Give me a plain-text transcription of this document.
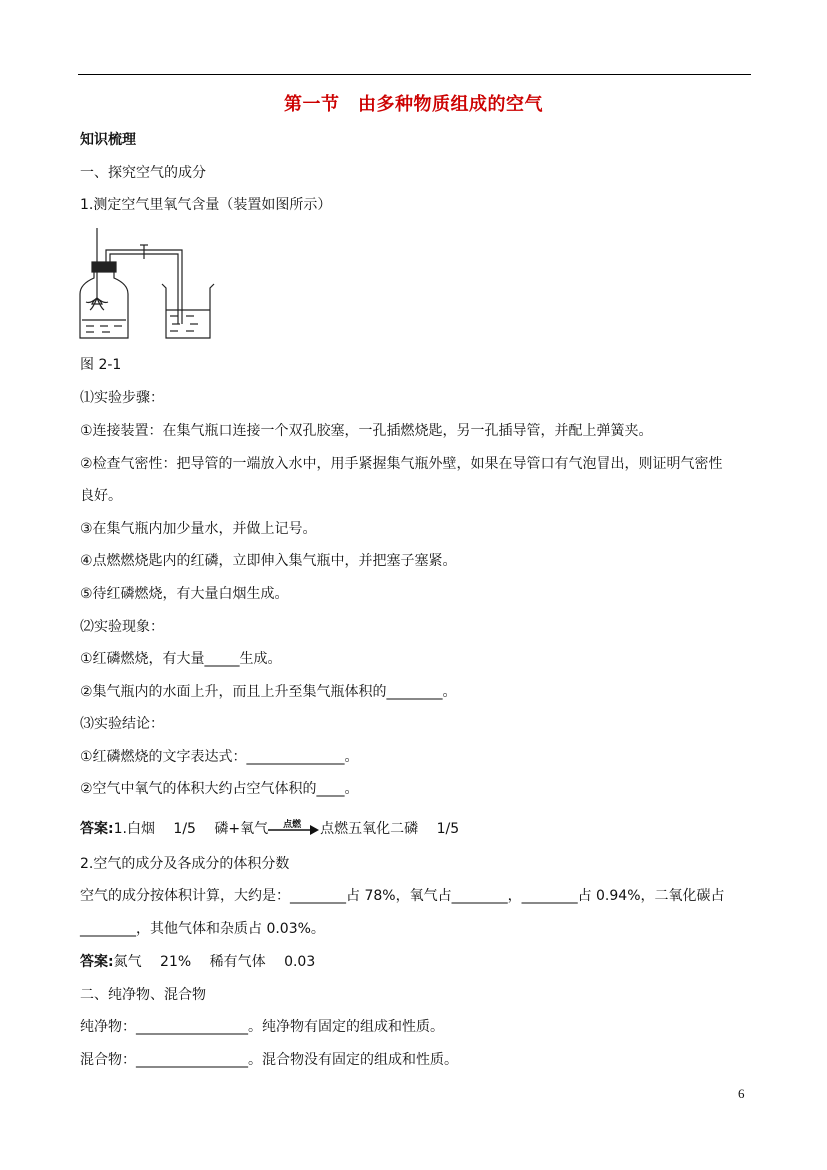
第一节　由多种物质组成的空气
知识梳理
一、探究空气的成分
1.测定空气里氧气含量（装置如图所示）
图 2-1
⑴实验步骤：
①连接装置：在集气瓶口连接一个双孔胶塞，一孔插燃烧匙，另一孔插导管，并配上弹簧夹。
②检查气密性：把导管的一端放入水中，用手紧握集气瓶外壁，如果在导管口有气泡冒出，则证明气密性
良好。
③在集气瓶内加少量水，并做上记号。
④点燃燃烧匙内的红磷，立即伸入集气瓶中，并把塞子塞紧。
⑤待红磷燃烧，有大量白烟生成。
⑵实验现象：
①红磷燃烧，有大量_____生成。
②集气瓶内的水面上升，而且上升至集气瓶体积的________。
⑶实验结论：
①红磷燃烧的文字表达式：______________。
②空气中氧气的体积大约占空气体积的____。
答案:1.白烟  1/5  磷+氧气	点燃	点燃五氧化二磷  1/5
2.空气的成分及各成分的体积分数
空气的成分按体积计算，大约是：________占 78%，氧气占________，________占 0.94%，二氧化碳占
________，其他气体和杂质占 0.03%。
答案:氮气  21%  稀有气体  0.03
二、纯净物、混合物
纯净物：________________。纯净物有固定的组成和性质。
混合物：________________。混合物没有固定的组成和性质。
6
